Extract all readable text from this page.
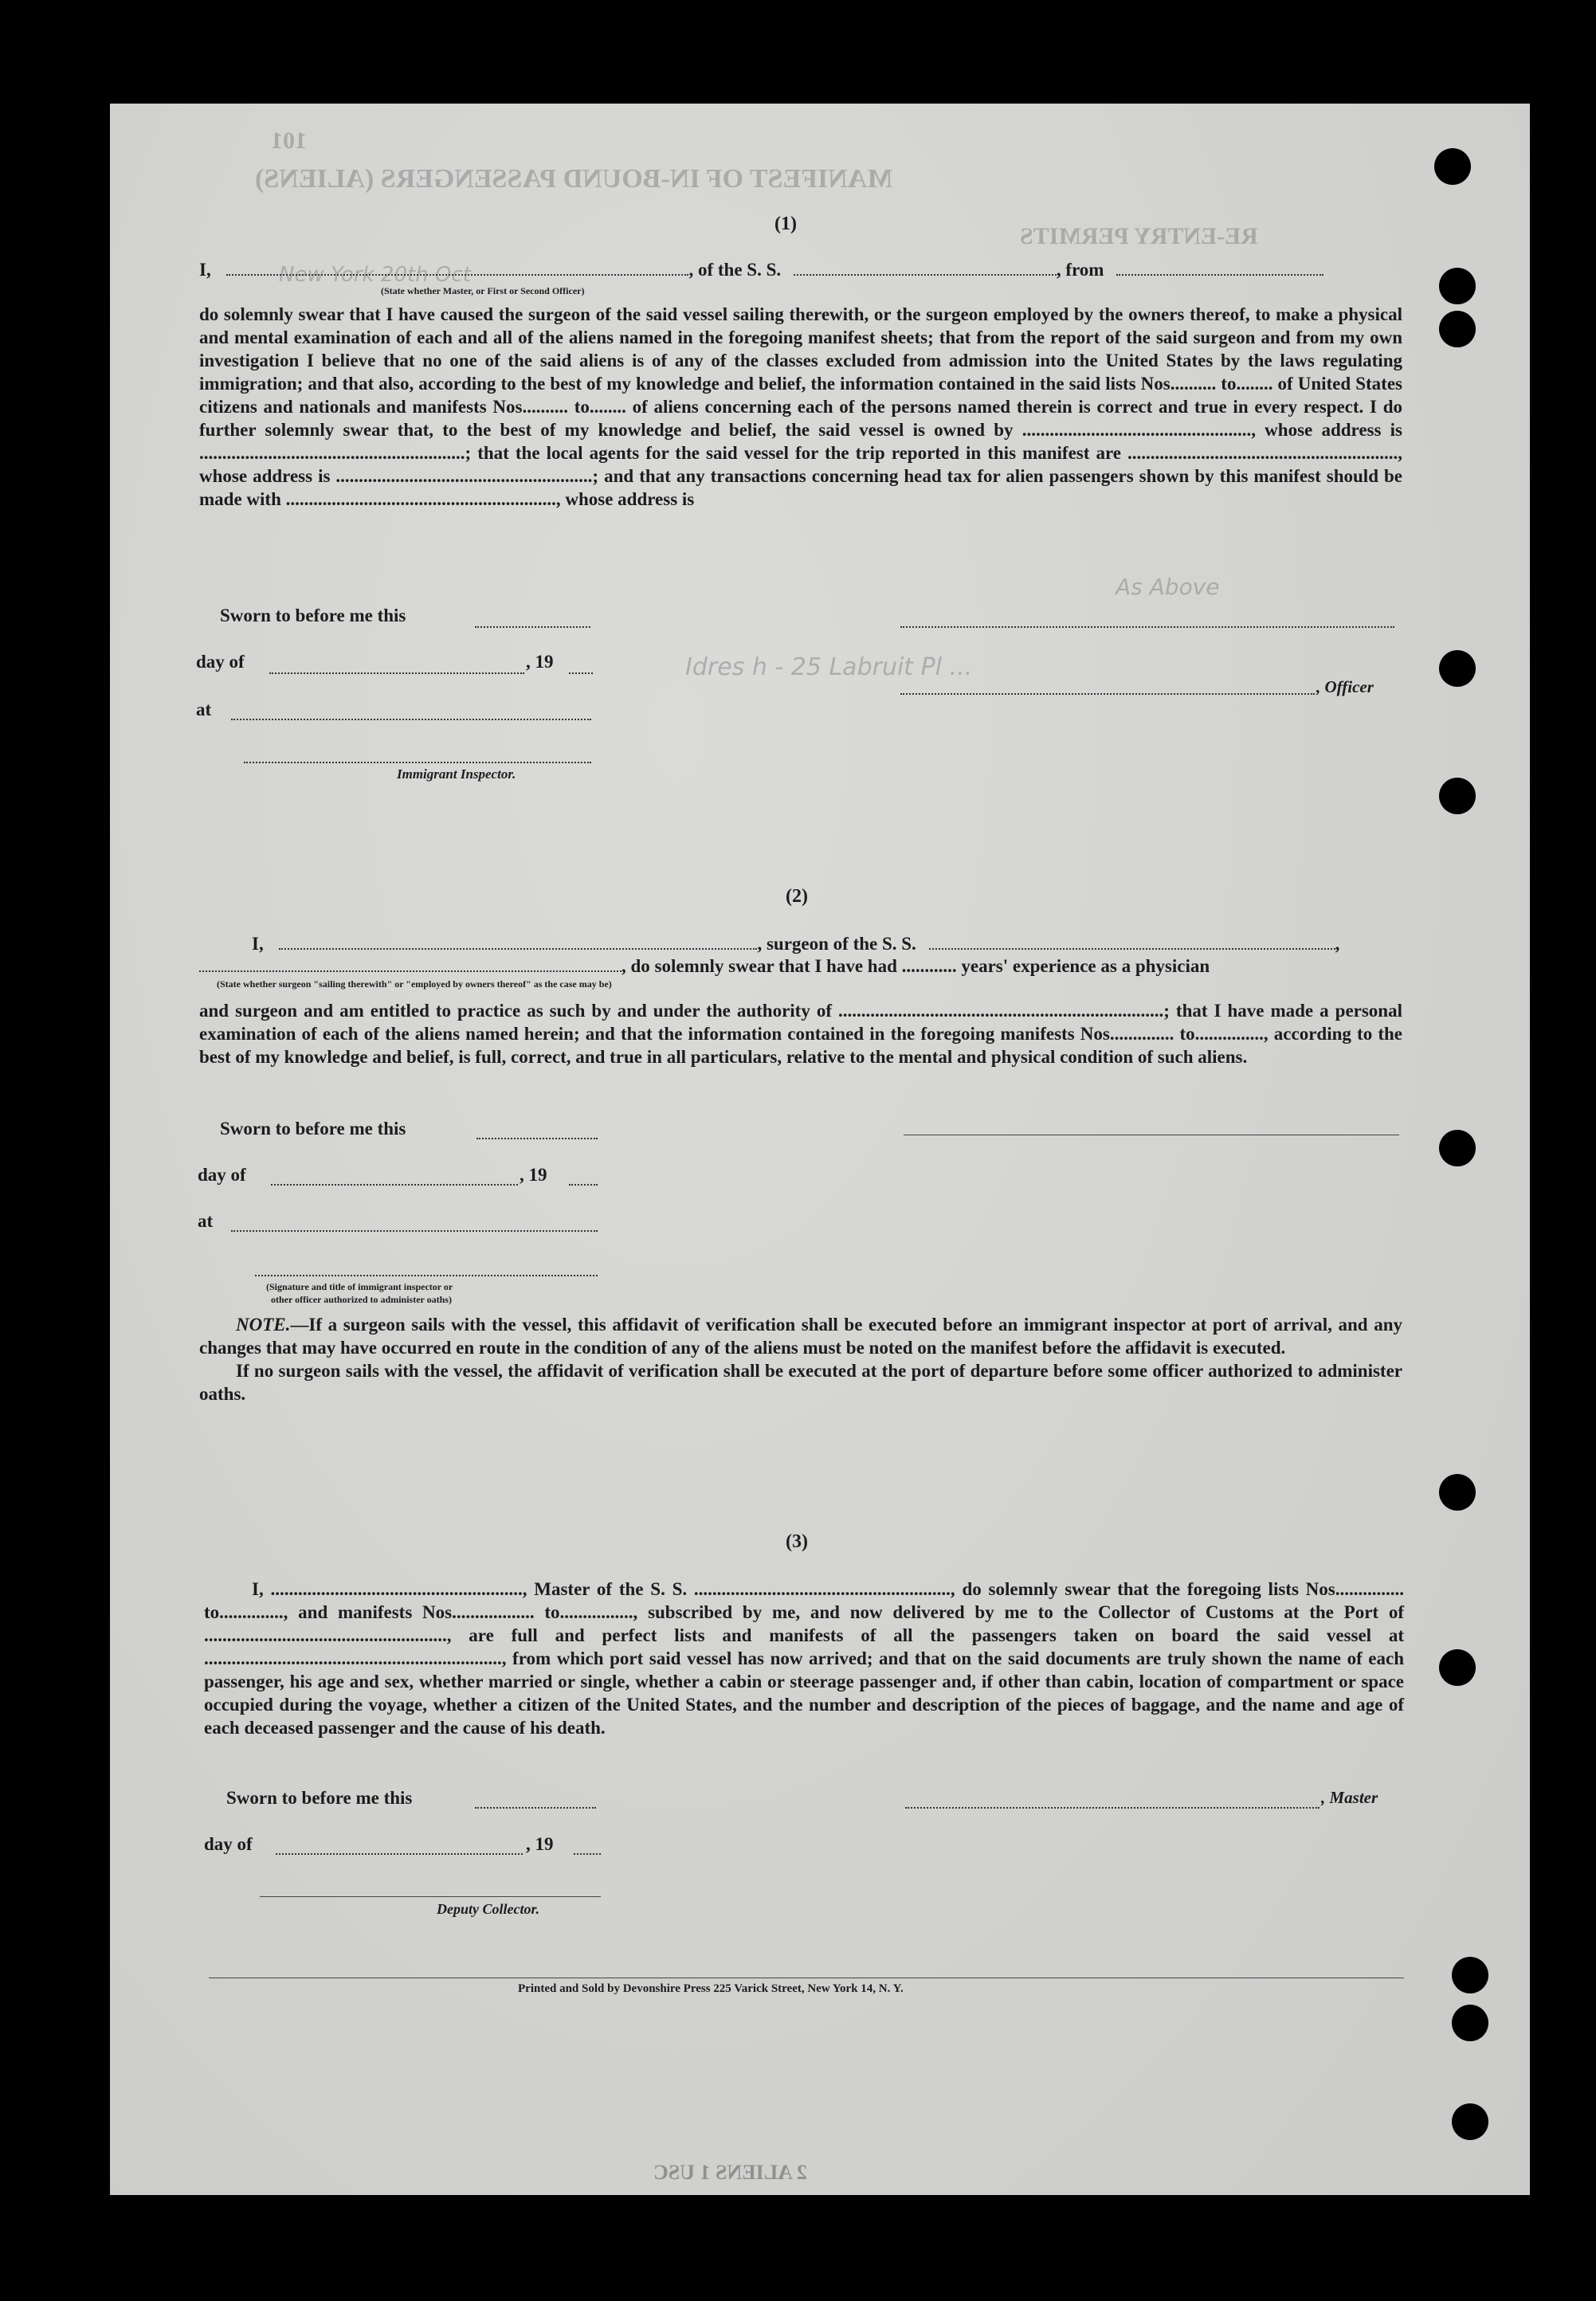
MANIFEST OF IN-BOUND PASSENGERS (ALIENS)
101
RE-ENTRY PERMITS
New York 20th Oct
Idres h - 25 Labruit Pl ...
As Above
(1)
I,	, of the S. S.	, from
(State whether Master, or First or Second Officer)

do solemnly swear that I have caused the surgeon of the said vessel sailing therewith, or the surgeon employed by the owners thereof, to make a physical and mental examination of each and all of the aliens named in the foregoing manifest sheets; that from the report of the said surgeon and from my own investigation I believe that no one of the said aliens is of any of the classes excluded from admission into the United States by the laws regulating immigration; and that also, according to the best of my knowledge and belief, the information contained in the said lists Nos.......... to........ of United States citizens and nationals and manifests Nos.......... to........ of aliens concerning each of the persons named therein is correct and true in every respect. I do further solemnly swear that, to the best of my knowledge and belief, the said vessel is owned by .................................................., whose address is ..........................................................; that the local agents for the said vessel for the trip reported in this manifest are ..........................................................., whose address is ........................................................; and that any transactions concerning head tax for alien passengers shown by this manifest should be made with ..........................................................., whose address is

Sworn to before me this
day of	, 19
, Officer
at
Immigrant Inspector.
(2)
I,	, surgeon of the S. S.	,
, do solemnly swear that I have had ............ years' experience as a physician
(State whether surgeon "sailing therewith" or "employed by owners thereof" as the case may be)

and surgeon and am entitled to practice as such by and under the authority of .......................................................................; that I have made a personal examination of each of the aliens named herein; and that the information contained in the foregoing manifests Nos.............. to..............., according to the best of my knowledge and belief, is full, correct, and true in all particulars, relative to the mental and physical condition of such aliens.

Sworn to before me this
day of	, 19
at
(Signature and title of immigrant inspector or
other officer authorized to administer oaths)

NOTE.—If a surgeon sails with the vessel, this affidavit of verification shall be executed before an immigrant inspector at port of arrival, and any changes that may have occurred en route in the condition of any of the aliens must be noted on the manifest before the affidavit is executed.

If no surgeon sails with the vessel, the affidavit of verification shall be executed at the port of departure before some officer authorized to administer oaths.

(3)

I, ......................................................., Master of the S. S. ........................................................, do solemnly swear that the foregoing lists Nos............... to.............., and manifests Nos.................. to................, subscribed by me, and now delivered by me to the Collector of Customs at the Port of ....................................................., are full and perfect lists and manifests of all the passengers taken on board the said vessel at ................................................................., from which port said vessel has now arrived; and that on the said documents are truly shown the name of each passenger, his age and sex, whether married or single, whether a cabin or steerage passenger and, if other than cabin, location of compartment or space occupied during the voyage, whether a citizen of the United States, and the number and description of the pieces of baggage, and the name and age of each deceased passenger and the cause of his death.

Sworn to before me this	, Master
day of	, 19
Deputy Collector.
Printed and Sold by Devonshire Press 225 Varick Street, New York 14, N. Y.
2 ALIENS 1 USC
